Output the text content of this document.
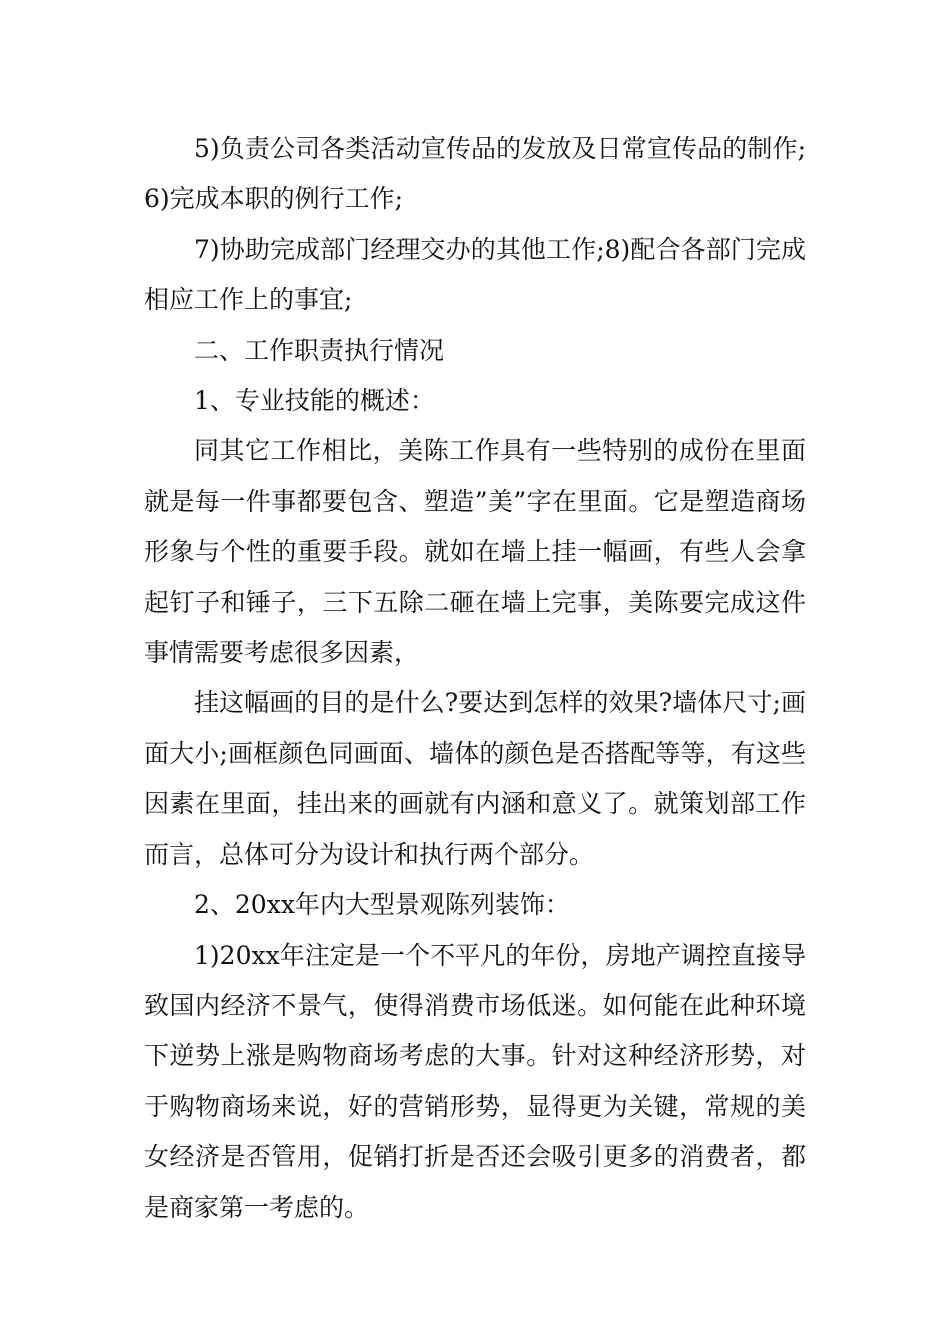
5)负责公司各类活动宣传品的发放及日常宣传品的制作;6)完成本职的例行工作;

7)协助完成部门经理交办的其他工作;8)配合各部门完成相应工作上的事宜;

二、工作职责执行情况

1、专业技能的概述：

同其它工作相比，美陈工作具有一些特别的成份在里面就是每一件事都要包含、塑造”美”字在里面。它是塑造商场形象与个性的重要手段。就如在墙上挂一幅画，有些人会拿起钉子和锤子，三下五除二砸在墙上完事，美陈要完成这件事情需要考虑很多因素，

挂这幅画的目的是什么?要达到怎样的效果?墙体尺寸;画面大小;画框颜色同画面、墙体的颜色是否搭配等等，有这些因素在里面，挂出来的画就有内涵和意义了。就策划部工作而言，总体可分为设计和执行两个部分。

2、20xx年内大型景观陈列装饰：

1)20xx年注定是一个不平凡的年份，房地产调控直接导致国内经济不景气，使得消费市场低迷。如何能在此种环境下逆势上涨是购物商场考虑的大事。针对这种经济形势，对于购物商场来说，好的营销形势，显得更为关键，常规的美女经济是否管用，促销打折是否还会吸引更多的消费者，都是商家第一考虑的。
